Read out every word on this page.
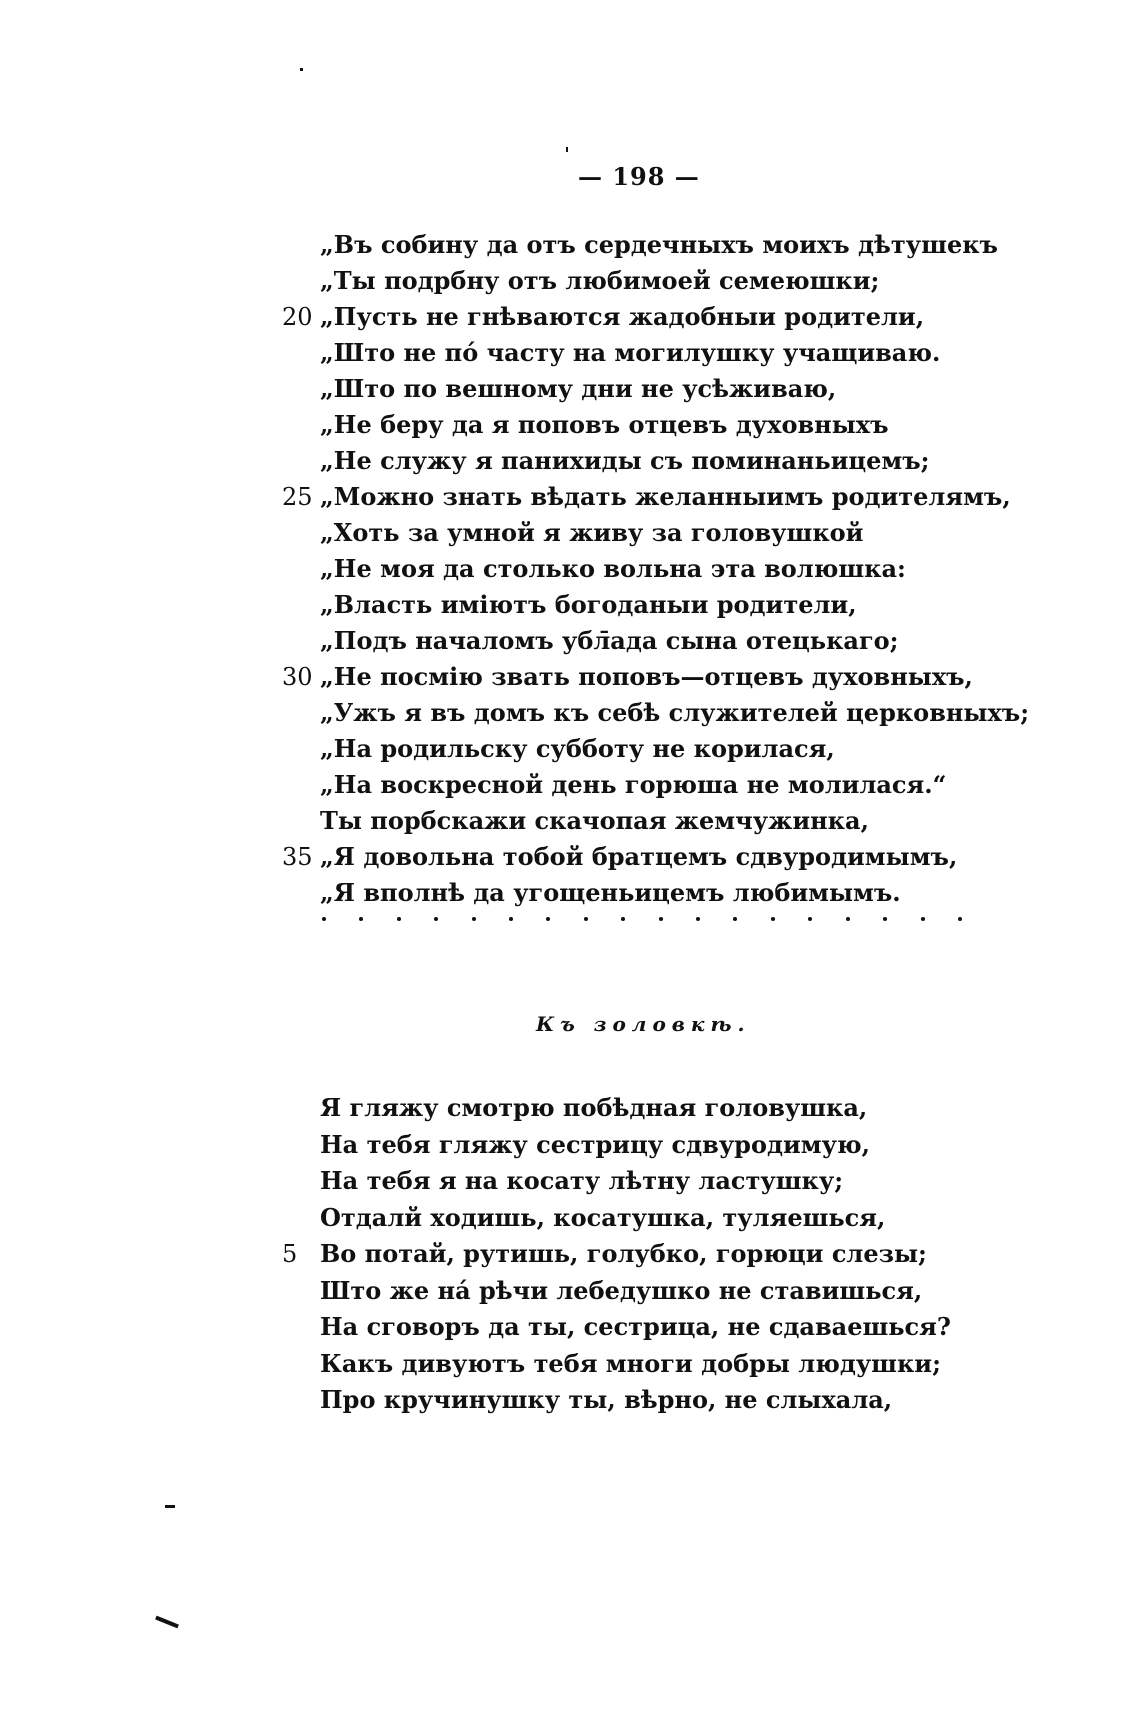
— 198 —
„Въ собину да отъ сердечныхъ моихъ дѣтушекъ
„Ты подрбну отъ любимоей семеюшки;
20 „Пусть не гнѣваются жадобныи родители,
„Што не пó часту на могилушку учащиваю.
„Што по вешному дни не усѣживаю,
„Не беру да я поповъ отцевъ духовныхъ
„Не служу я панихиды съ поминаньицемъ;
25 „Можно знать вѣдать желанныимъ родителямъ,
„Хоть за умной я живу за головушкой
„Не моя да столько вольна эта волюшка:
„Власть имiютъ богоданыи родители,
„Подъ началомъ убл̄ада сына отецькаго;
30 „Не посмiю звать поповъ—отцевъ духовныхъ,
„Ужъ я въ домъ къ себѣ служителей церковныхъ;
„На родильску субботу не корилася,
„На воскресной день горюша не молилася.“
Ты порбскажи скачопая жемчужинка,
35 „Я довольна тобой братцемъ сдвуродимымъ,
„Я вполнѣ да угощеньицемъ любимымъ.
Къ золовкѣ.
Я гляжу смотрю побѣдная головушка,
На тебя гляжу сестрицу сдвуродимую,
На тебя я на косату лѣтну ластушку;
Отдалй ходишь, косатушка, туляешься,
5 Во потай, рутишь, голубко, горюци слезы;
Што же нá рѣчи лебедушко не ставишься,
На сговоръ да ты, сестрица, не сдаваешься?
Какъ дивуютъ тебя многи добры людушки;
Про кручинушку ты, вѣрно, не слыхала,
